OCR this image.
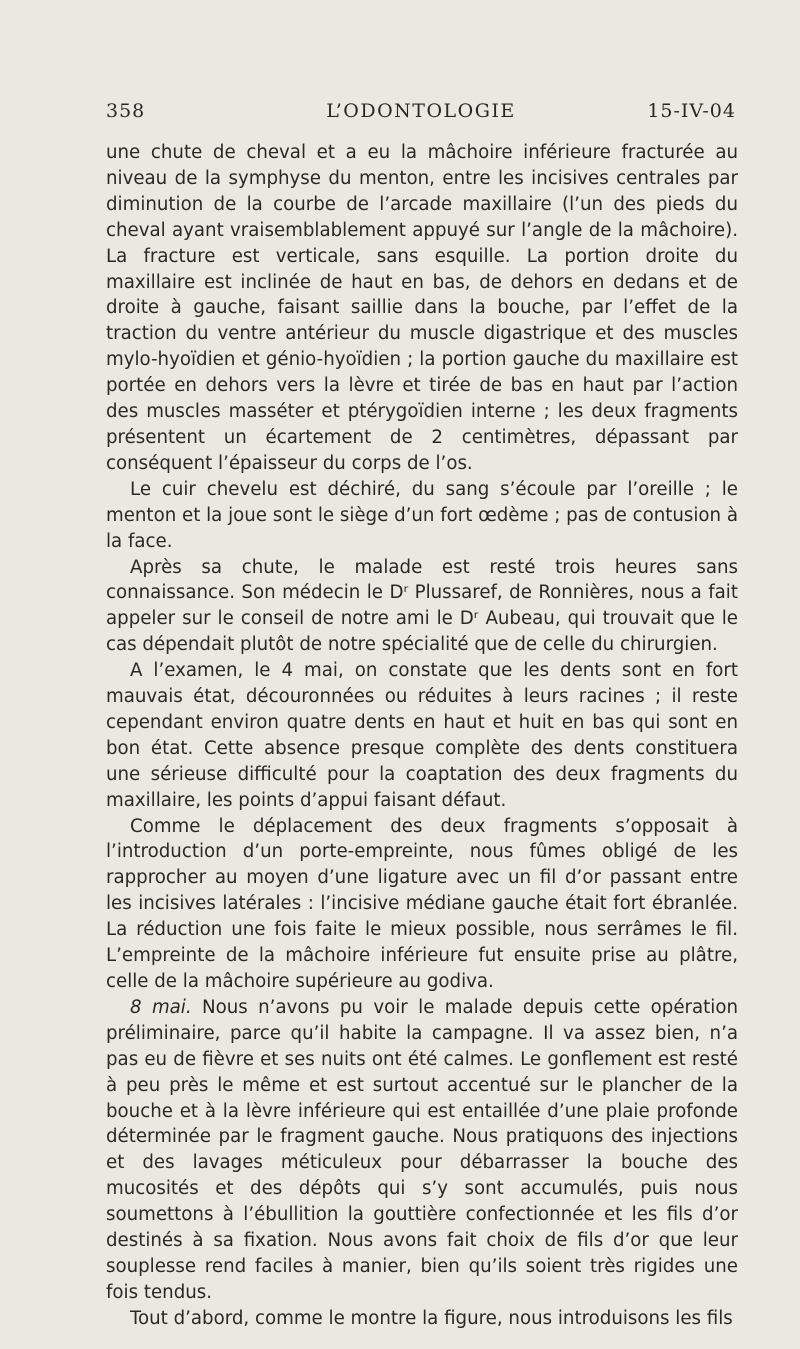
358	L’ODONTOLOGIE	15-IV-04

une chute de cheval et a eu la mâchoire inférieure fracturée au niveau de la symphyse du menton, entre les incisives centrales par diminution de la courbe de l’arcade maxillaire (l’un des pieds du cheval ayant vraisemblablement appuyé sur l’angle de la mâchoire). La fracture est verticale, sans esquille. La portion droite du maxillaire est inclinée de haut en bas, de dehors en dedans et de droite à gauche, faisant saillie dans la bouche, par l’effet de la traction du ventre antérieur du muscle digastrique et des muscles mylo-hyoïdien et génio-hyoïdien ; la portion gauche du maxillaire est portée en dehors vers la lèvre et tirée de bas en haut par l’action des muscles masséter et ptérygoïdien interne ; les deux fragments présentent un écartement de 2 centimètres, dépassant par conséquent l’épaisseur du corps de l’os.

Le cuir chevelu est déchiré, du sang s’écoule par l’oreille ; le menton et la joue sont le siège d’un fort œdème ; pas de contusion à la face.

Après sa chute, le malade est resté trois heures sans connaissance. Son médecin le Dʳ Plussaref, de Ronnières, nous a fait appeler sur le conseil de notre ami le Dʳ Aubeau, qui trouvait que le cas dépendait plutôt de notre spécialité que de celle du chirurgien.

A l’examen, le 4 mai, on constate que les dents sont en fort mauvais état, découronnées ou réduites à leurs racines ; il reste cependant environ quatre dents en haut et huit en bas qui sont en bon état. Cette absence presque complète des dents constituera une sérieuse difficulté pour la coaptation des deux fragments du maxillaire, les points d’appui faisant défaut.

Comme le déplacement des deux fragments s’opposait à l’introduction d’un porte-empreinte, nous fûmes obligé de les rapprocher au moyen d’une ligature avec un fil d’or passant entre les incisives latérales : l’incisive médiane gauche était fort ébranlée. La réduction une fois faite le mieux possible, nous serrâmes le fil. L’empreinte de la mâchoire inférieure fut ensuite prise au plâtre, celle de la mâchoire supérieure au godiva.

8 mai. Nous n’avons pu voir le malade depuis cette opération préliminaire, parce qu’il habite la campagne. Il va assez bien, n’a pas eu de fièvre et ses nuits ont été calmes. Le gonflement est resté à peu près le même et est surtout accentué sur le plancher de la bouche et à la lèvre inférieure qui est entaillée d’une plaie profonde déterminée par le fragment gauche. Nous pratiquons des injections et des lavages méticuleux pour débarrasser la bouche des mucosités et des dépôts qui s’y sont accumulés, puis nous soumettons à l’ébullition la gouttière confectionnée et les fils d’or destinés à sa fixation. Nous avons fait choix de fils d’or que leur souplesse rend faciles à manier, bien qu’ils soient très rigides une fois tendus.

Tout d’abord, comme le montre la figure, nous introduisons les fils
